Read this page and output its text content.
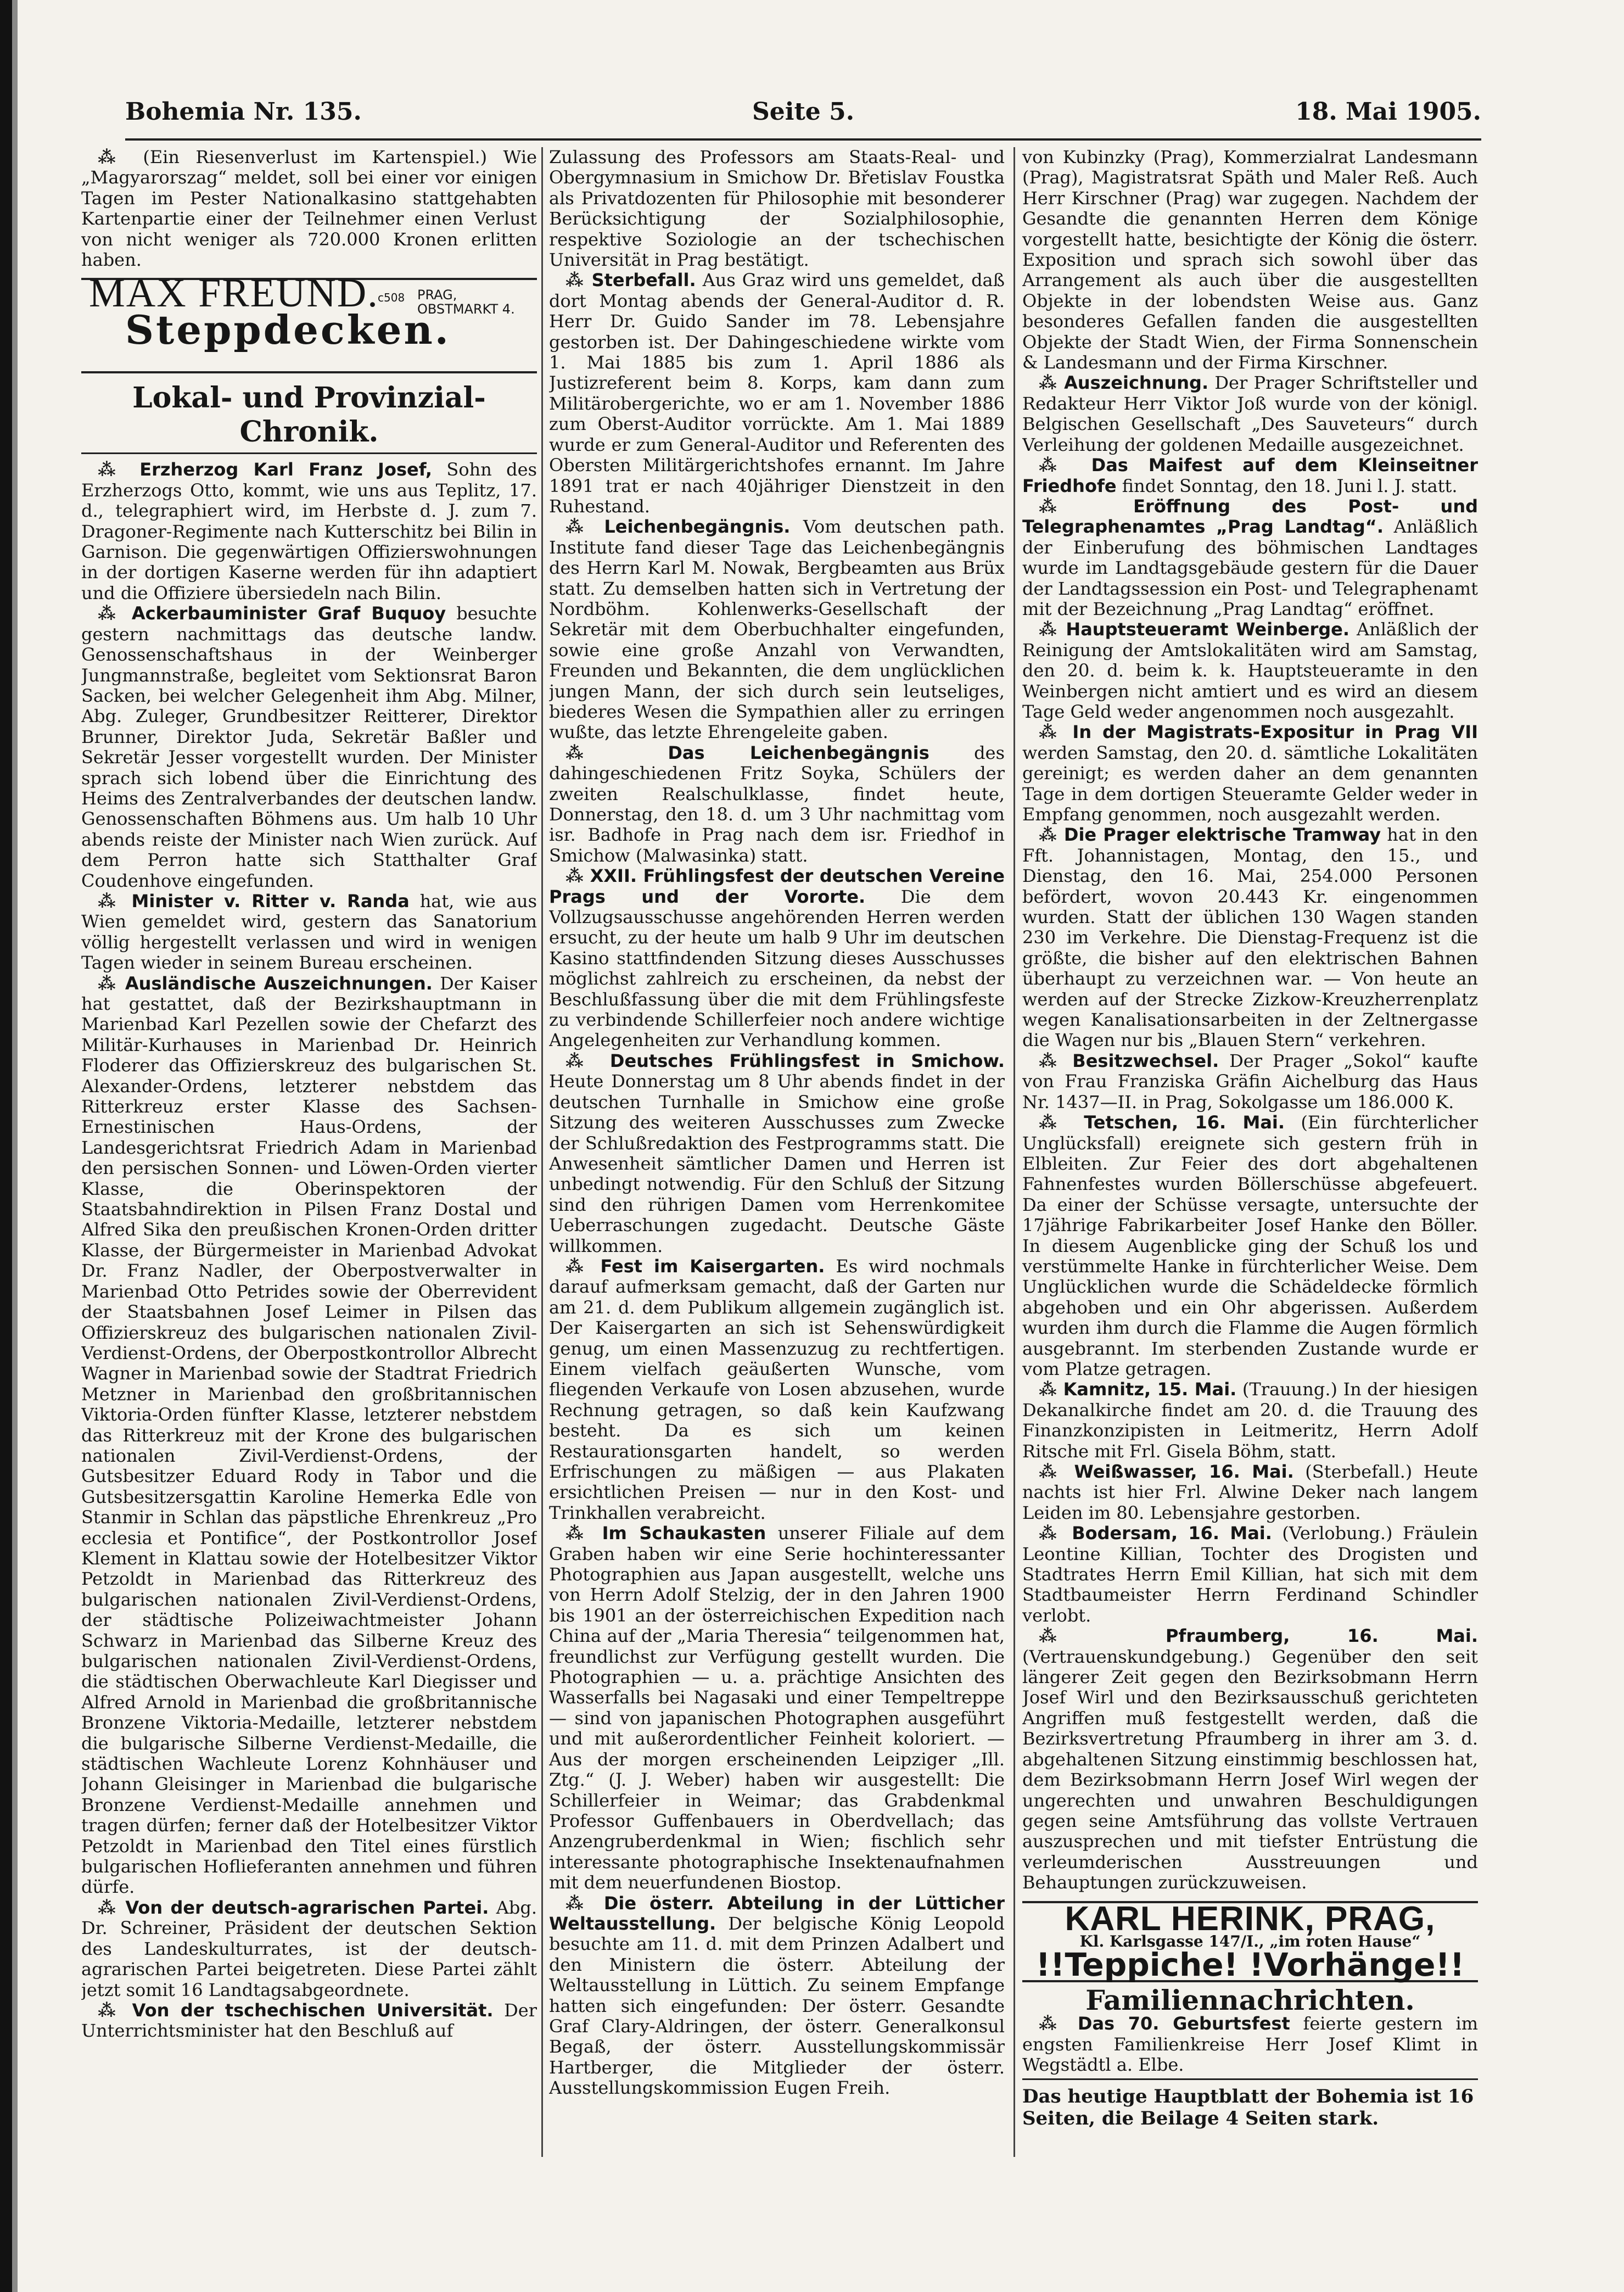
Bohemia Nr. 135.	Seite 5.	18. Mai 1905.

⁂ (Ein Riesenverlust im Kartenspiel.) Wie „Magyarorszag“ meldet, soll bei einer vor einigen Tagen im Pester Nationalkasino stattgehabten Kartenpartie einer der Teilnehmer einen Verlust von nicht weniger als 720.000 Kronen erlitten haben.

MAX FREUND.
c508 PRAG,
OBSTMARKT 4.
Steppdecken.
Lokal- und Provinzial-Chronik.

⁂ Erzherzog Karl Franz Josef, Sohn des Erzherzogs Otto, kommt, wie uns aus Teplitz, 17. d., telegraphiert wird, im Herbste d. J. zum 7. Dragoner-Regimente nach Kutterschitz bei Bilin in Garnison. Die gegenwärtigen Offizierswohnungen in der dortigen Kaserne werden für ihn adaptiert und die Offiziere übersiedeln nach Bilin.

⁂ Ackerbauminister Graf Buquoy besuchte gestern nachmittags das deutsche landw. Genossenschaftshaus in der Weinberger Jungmannstraße, begleitet vom Sektionsrat Baron Sacken, bei welcher Gelegenheit ihm Abg. Milner, Abg. Zuleger, Grundbesitzer Reitterer, Direktor Brunner, Direktor Juda, Sekretär Baßler und Sekretär Jesser vorgestellt wurden. Der Minister sprach sich lobend über die Einrichtung des Heims des Zentralverbandes der deutschen landw. Genossenschaften Böhmens aus. Um halb 10 Uhr abends reiste der Minister nach Wien zurück. Auf dem Perron hatte sich Statthalter Graf Coudenhove eingefunden.

⁂ Minister v. Ritter v. Randa hat, wie aus Wien gemeldet wird, gestern das Sanatorium völlig hergestellt verlassen und wird in wenigen Tagen wieder in seinem Bureau erscheinen.

⁂ Ausländische Auszeichnungen. Der Kaiser hat gestattet, daß der Bezirkshauptmann in Marienbad Karl Pezellen sowie der Chefarzt des Militär-Kurhauses in Marienbad Dr. Heinrich Floderer das Offizierskreuz des bulgarischen St. Alexander-Ordens, letzterer nebstdem das Ritterkreuz erster Klasse des Sachsen-Ernestinischen Haus-Ordens, der Landesgerichtsrat Friedrich Adam in Marienbad den persischen Sonnen- und Löwen-Orden vierter Klasse, die Oberinspektoren der Staatsbahndirektion in Pilsen Franz Dostal und Alfred Sika den preußischen Kronen-Orden dritter Klasse, der Bürgermeister in Marienbad Advokat Dr. Franz Nadler, der Oberpostverwalter in Marienbad Otto Petrides sowie der Oberrevident der Staatsbahnen Josef Leimer in Pilsen das Offizierskreuz des bulgarischen nationalen Zivil-Verdienst-Ordens, der Oberpostkontrollor Albrecht Wagner in Marienbad sowie der Stadtrat Friedrich Metzner in Marienbad den großbritannischen Viktoria-Orden fünfter Klasse, letzterer nebstdem das Ritterkreuz mit der Krone des bulgarischen nationalen Zivil-Verdienst-Ordens, der Gutsbesitzer Eduard Rody in Tabor und die Gutsbesitzersgattin Karoline Hemerka Edle von Stanmir in Schlan das päpstliche Ehrenkreuz „Pro ecclesia et Pontifice“, der Postkontrollor Josef Klement in Klattau sowie der Hotelbesitzer Viktor Petzoldt in Marienbad das Ritterkreuz des bulgarischen nationalen Zivil-Verdienst-Ordens, der städtische Polizeiwachtmeister Johann Schwarz in Marienbad das Silberne Kreuz des bulgarischen nationalen Zivil-Verdienst-Ordens, die städtischen Oberwachleute Karl Diegisser und Alfred Arnold in Marienbad die großbritannische Bronzene Viktoria-Medaille, letzterer nebstdem die bulgarische Silberne Verdienst-Medaille, die städtischen Wachleute Lorenz Kohnhäuser und Johann Gleisinger in Marienbad die bulgarische Bronzene Verdienst-Medaille annehmen und tragen dürfen; ferner daß der Hotelbesitzer Viktor Petzoldt in Marienbad den Titel eines fürstlich bulgarischen Hoflieferanten annehmen und führen dürfe.

⁂ Von der deutsch-agrarischen Partei. Abg. Dr. Schreiner, Präsident der deutschen Sektion des Landeskulturrates, ist der deutsch-agrarischen Partei beigetreten. Diese Partei zählt jetzt somit 16 Landtagsabgeordnete.

⁂ Von der tschechischen Universität. Der Unterrichtsminister hat den Beschluß auf

Zulassung des Professors am Staats-Real- und Obergymnasium in Smichow Dr. Břetislav Foustka als Privatdozenten für Philosophie mit besonderer Berücksichtigung der Sozialphilosophie, respektive Soziologie an der tschechischen Universität in Prag bestätigt.

⁂ Sterbefall. Aus Graz wird uns gemeldet, daß dort Montag abends der General-Auditor d. R. Herr Dr. Guido Sander im 78. Lebensjahre gestorben ist. Der Dahingeschiedene wirkte vom 1. Mai 1885 bis zum 1. April 1886 als Justizreferent beim 8. Korps, kam dann zum Militärobergerichte, wo er am 1. November 1886 zum Oberst-Auditor vorrückte. Am 1. Mai 1889 wurde er zum General-Auditor und Referenten des Obersten Militärgerichtshofes ernannt. Im Jahre 1891 trat er nach 40jähriger Dienstzeit in den Ruhestand.

⁂ Leichenbegängnis. Vom deutschen path. Institute fand dieser Tage das Leichenbegängnis des Herrn Karl M. Nowak, Bergbeamten aus Brüx statt. Zu demselben hatten sich in Vertretung der Nordböhm. Kohlenwerks-Gesellschaft der Sekretär mit dem Oberbuchhalter eingefunden, sowie eine große Anzahl von Verwandten, Freunden und Bekannten, die dem unglücklichen jungen Mann, der sich durch sein leutseliges, biederes Wesen die Sympathien aller zu erringen wußte, das letzte Ehrengeleite gaben.

⁂ Das Leichenbegängnis	des dahingeschiedenen Fritz Soyka, Schülers der zweiten Realschulklasse, findet heute, Donnerstag, den 18. d. um 3 Uhr nachmittag vom isr. Badhofe in Prag nach dem isr. Friedhof in Smichow (Malwasinka) statt.

⁂ XXII. Frühlingsfest der deutschen Vereine Prags und der Vororte. Die dem Vollzugsausschusse angehörenden Herren werden ersucht, zu der heute um halb 9 Uhr im deutschen Kasino stattfindenden Sitzung dieses Ausschusses möglichst zahlreich zu erscheinen, da nebst der Beschlußfassung über die mit dem Frühlingsfeste zu verbindende Schillerfeier noch andere wichtige Angelegenheiten zur Verhandlung kommen.

⁂ Deutsches Frühlingsfest in Smichow. Heute Donnerstag um 8 Uhr abends findet in der deutschen Turnhalle in Smichow eine große Sitzung des weiteren Ausschusses zum Zwecke der Schlußredaktion des Festprogramms statt. Die Anwesenheit sämtlicher Damen und Herren ist unbedingt notwendig. Für den Schluß der Sitzung sind den rührigen Damen vom Herrenkomitee Ueberraschungen zugedacht. Deutsche Gäste willkommen.

⁂ Fest im Kaisergarten. Es wird nochmals darauf aufmerksam gemacht, daß der Garten nur am 21. d. dem Publikum allgemein zugänglich ist. Der Kaisergarten an sich ist Sehenswürdigkeit genug, um einen Massenzuzug zu rechtfertigen. Einem vielfach geäußerten Wunsche, vom fliegenden Verkaufe von Losen abzusehen, wurde Rechnung getragen, so daß kein Kaufzwang besteht. Da es sich um keinen Restaurationsgarten handelt, so werden Erfrischungen zu mäßigen — aus Plakaten ersichtlichen Preisen — nur in den Kost- und Trinkhallen verabreicht.

⁂ Im Schaukasten unserer Filiale auf dem Graben haben wir eine Serie hochinteressanter Photographien aus Japan ausgestellt, welche uns von Herrn Adolf Stelzig, der in den Jahren 1900 bis 1901 an der österreichischen Expedition nach China auf der „Maria Theresia“ teilgenommen hat, freundlichst zur Verfügung gestellt wurden. Die Photographien — u. a. prächtige Ansichten des Wasserfalls bei Nagasaki und einer Tempeltreppe — sind von japanischen Photographen ausgeführt und mit außerordentlicher Feinheit koloriert. — Aus der morgen erscheinenden Leipziger „Ill. Ztg.“ (J. J. Weber) haben wir ausgestellt: Die Schillerfeier in Weimar; das Grabdenkmal Professor Guffenbauers in Oberdvellach; das Anzengruberdenkmal in Wien; fischlich sehr interessante photographische Insektenaufnahmen mit dem neuerfundenen Biostop.

⁂ Die österr. Abteilung in der Lütticher Weltausstellung. Der belgische König Leopold besuchte am 11. d. mit dem Prinzen Adalbert und den Ministern die österr. Abteilung der Weltausstellung in Lüttich. Zu seinem Empfange hatten sich eingefunden: Der österr. Gesandte Graf Clary-Aldringen, der österr. Generalkonsul Begaß, der österr. Ausstellungskommissär Hartberger, die Mitglieder der österr. Ausstellungskommission Eugen Freih.

von Kubinzky (Prag), Kommerzialrat Landesmann (Prag), Magistratsrat Späth und Maler Reß. Auch Herr Kirschner (Prag) war zugegen. Nachdem der Gesandte die genannten Herren dem Könige vorgestellt hatte, besichtigte der König die österr. Exposition und sprach sich sowohl über das Arrangement als auch über die ausgestellten Objekte in der lobendsten Weise aus. Ganz besonderes Gefallen fanden die ausgestellten Objekte der Stadt Wien, der Firma Sonnenschein & Landesmann und der Firma Kirschner.

⁂ Auszeichnung. Der Prager Schriftsteller und Redakteur Herr Viktor Joß wurde von der königl. Belgischen Gesellschaft „Des Sauveteurs“ durch Verleihung der goldenen Medaille ausgezeichnet.

⁂ Das Maifest auf dem Kleinseitner Friedhofe findet Sonntag, den 18. Juni l. J. statt.

⁂ Eröffnung des Post- und Telegraphenamtes „Prag Landtag“. Anläßlich der Einberufung des böhmischen Landtages wurde im Landtagsgebäude gestern für die Dauer der Landtagssession ein Post- und Telegraphenamt mit der Bezeichnung „Prag Landtag“ eröffnet.

⁂ Hauptsteueramt Weinberge. Anläßlich der Reinigung der Amtslokalitäten wird am Samstag, den 20. d. beim k. k. Hauptsteueramte in den Weinbergen nicht amtiert und es wird an diesem Tage Geld weder angenommen noch ausgezahlt.

⁂ In der Magistrats-Expositur in Prag VII werden Samstag, den 20. d. sämtliche Lokalitäten gereinigt; es werden daher an dem genannten Tage in dem dortigen Steueramte Gelder weder in Empfang genommen, noch ausgezahlt werden.

⁂ Die Prager elektrische Tramway hat in den Fft. Johannistagen, Montag, den 15., und Dienstag, den 16. Mai, 254.000 Personen befördert, wovon 20.443 Kr. eingenommen wurden. Statt der üblichen 130 Wagen standen 230 im Verkehre. Die Dienstag-Frequenz ist die größte, die bisher auf den elektrischen Bahnen überhaupt zu verzeichnen war. — Von heute an werden auf der Strecke Zizkow-Kreuzherrenplatz wegen Kanalisationsarbeiten in der Zeltnergasse die Wagen nur bis „Blauen Stern“ verkehren.

⁂ Besitzwechsel. Der Prager „Sokol“ kaufte von Frau Franziska Gräfin Aichelburg das Haus Nr. 1437—II. in Prag, Sokolgasse um 186.000 K.

⁂ Tetschen, 16. Mai. (Ein fürchterlicher Unglücksfall) ereignete sich gestern früh in Elbleiten. Zur Feier des dort abgehaltenen Fahnenfestes wurden Böllerschüsse abgefeuert. Da einer der Schüsse versagte, untersuchte der 17jährige Fabrikarbeiter Josef Hanke den Böller. In diesem Augenblicke ging der Schuß los und verstümmelte Hanke in fürchterlicher Weise. Dem Unglücklichen wurde die Schädeldecke förmlich abgehoben und ein Ohr abgerissen. Außerdem wurden ihm durch die Flamme die Augen förmlich ausgebrannt. Im sterbenden Zustande wurde er vom Platze getragen.

⁂ Kamnitz, 15. Mai. (Trauung.) In der hiesigen Dekanalkirche findet am 20. d. die Trauung des Finanzkonzipisten in Leitmeritz, Herrn Adolf Ritsche mit Frl. Gisela Böhm, statt.

⁂ Weißwasser, 16. Mai. (Sterbefall.) Heute nachts ist hier Frl. Alwine Deker nach langem Leiden im 80. Lebensjahre gestorben.

⁂ Bodersam, 16. Mai. (Verlobung.) Fräulein Leontine Killian, Tochter des Drogisten und Stadtrates Herrn Emil Killian, hat sich mit dem Stadtbaumeister Herrn Ferdinand Schindler verlobt.

⁂ Pfraumberg, 16. Mai. (Vertrauenskundgebung.) Gegenüber den seit längerer Zeit gegen den Bezirksobmann Herrn Josef Wirl und den Bezirksausschuß gerichteten Angriffen muß festgestellt werden, daß die Bezirksvertretung Pfraumberg in ihrer am 3. d. abgehaltenen Sitzung einstimmig beschlossen hat, dem Bezirksobmann Herrn Josef Wirl wegen der ungerechten und unwahren Beschuldigungen gegen seine Amtsführung das vollste Vertrauen auszusprechen und mit tiefster Entrüstung die verleumderischen Ausstreuungen und Behauptungen zurückzuweisen.

KARL HERINK, PRAG,
Kl. Karlsgasse 147/I., „im roten Hause“
!!Teppiche! !Vorhänge!!
Familiennachrichten.

⁂ Das 70. Geburtsfest feierte gestern im engsten Familienkreise Herr Josef Klimt in Wegstädtl a. Elbe.

Das heutige Hauptblatt der Bohemia ist 16 Seiten, die Beilage 4 Seiten stark.
